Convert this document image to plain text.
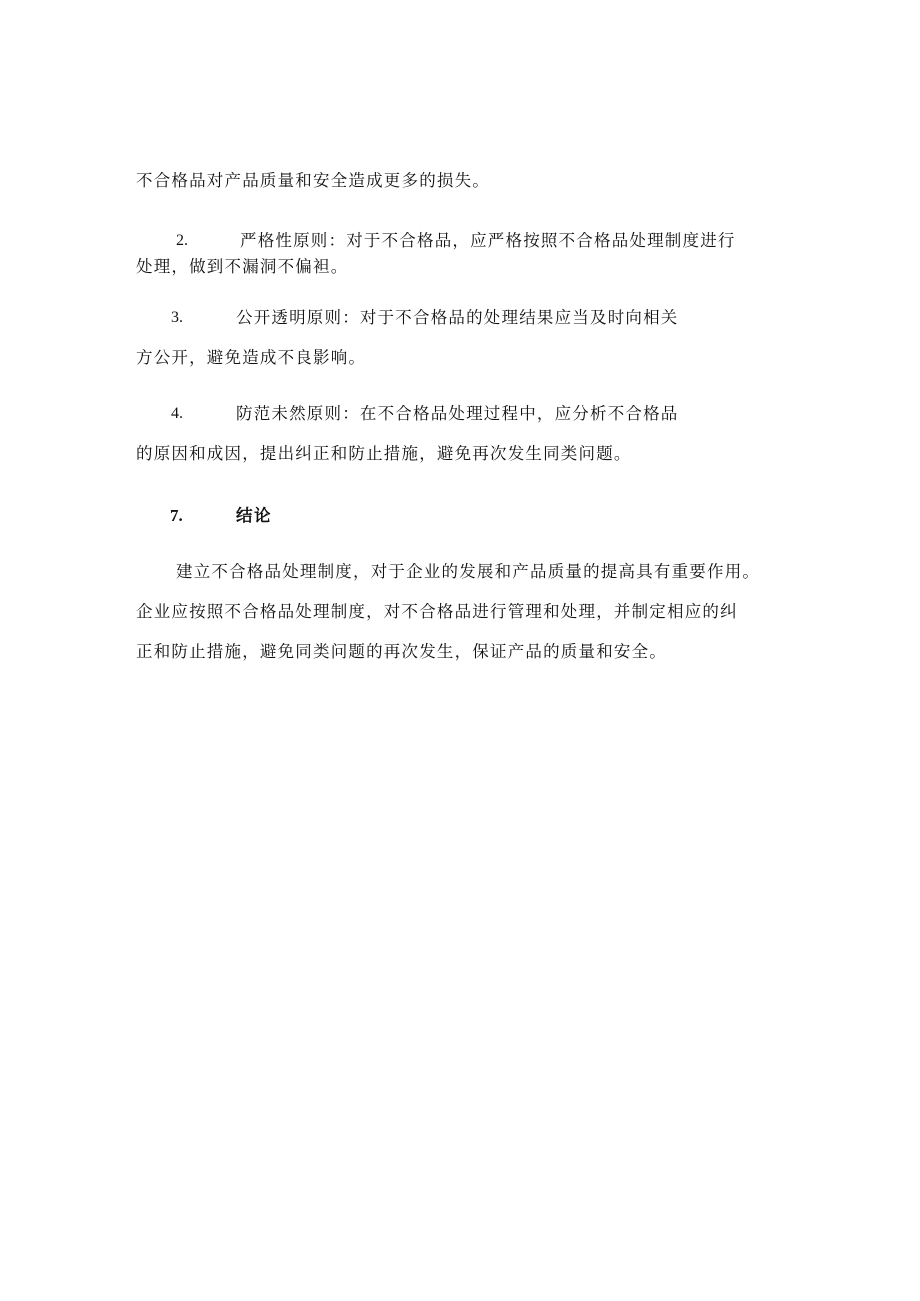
不合格品对产品质量和安全造成更多的损失。
2.	严格性原则：对于不合格品，应严格按照不合格品处理制度进行
处理，做到不漏洞不偏袒。
3.	公开透明原则：对于不合格品的处理结果应当及时向相关
方公开，避免造成不良影响。
4.	防范未然原则：在不合格品处理过程中，应分析不合格品
的原因和成因，提出纠正和防止措施，避免再次发生同类问题。
7.	结论
建立不合格品处理制度，对于企业的发展和产品质量的提高具有重要作用。
企业应按照不合格品处理制度，对不合格品进行管理和处理，并制定相应的纠
正和防止措施，避免同类问题的再次发生，保证产品的质量和安全。
